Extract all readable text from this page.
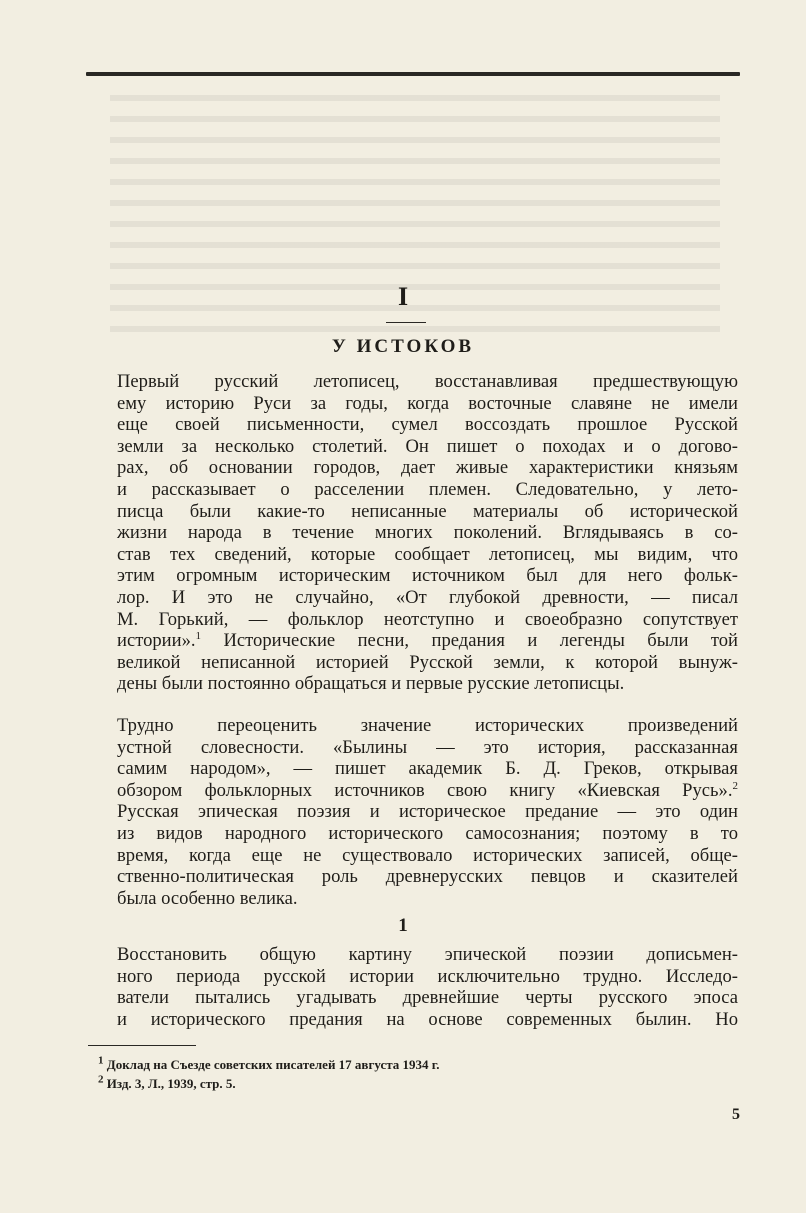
I
У ИСТОКОВ

Первый русский летописец, восстанавливая предшествующую
ему историю Руси за годы, когда восточные славяне не имели
еще своей письменности, сумел воссоздать прошлое Русской
земли за несколько столетий. Он пишет о походах и о догово-
рах, об основании городов, дает живые характеристики князьям
и рассказывает о расселении племен. Следовательно, у лето-
писца были какие-то неписанные материалы об исторической
жизни народа в течение многих поколений. Вглядываясь в со-
став тех сведений, которые сообщает летописец, мы видим, что
этим огромным историческим источником был для него фольк-
лор. И это не случайно, «От глубокой древности, — писал
М. Горький, — фольклор неотступно и своеобразно сопутствует
истории».$^1$ Исторические песни, предания и легенды были той
великой неписанной историей Русской земли, к которой вынуж-
дены были постоянно обращаться и первые русские летописцы.

Трудно переоценить значение исторических произведений
устной словесности. «Былины — это история, рассказанная
самим народом», — пишет академик Б. Д. Греков, открывая
обзором фольклорных источников свою книгу «Киевская Русь».$^2$
Русская эпическая поэзия и историческое предание — это один
из видов народного исторического самосознания; поэтому в то
время, когда еще не существовало исторических записей, обще-
ственно-политическая роль древнерусских певцов и сказителей
была особенно велика.

1

Восстановить общую картину эпической поэзии дописьмен-
ного периода русской истории исключительно трудно. Исследо-
ватели пытались угадывать древнейшие черты русского эпоса
и исторического предания на основе современных былин. Но

$^1$ Доклад на Съезде советских писателей 17 августа 1934 г.
$^2$ Изд. 3, Л., 1939, стр. 5.
5
